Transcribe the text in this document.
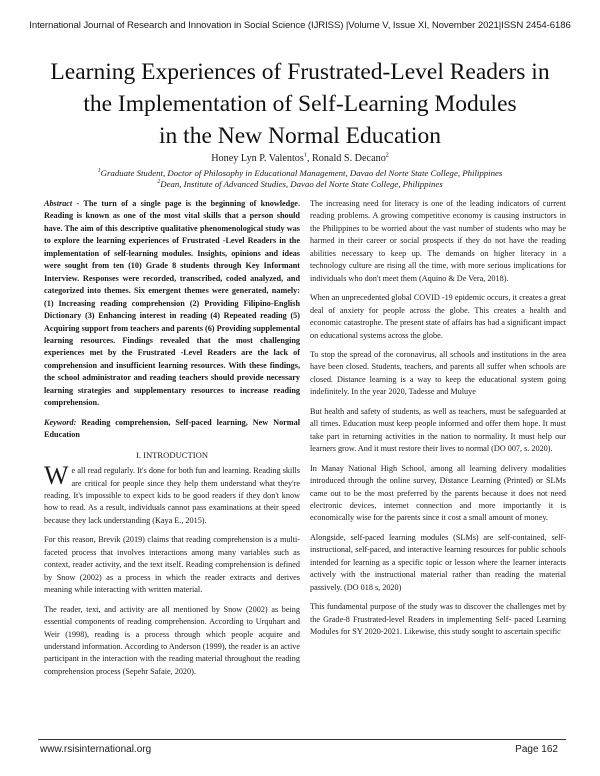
International Journal of Research and Innovation in Social Science (IJRISS) |Volume V, Issue XI, November 2021|ISSN 2454-6186
Learning Experiences of Frustrated-Level Readers in
the Implementation of Self-Learning Modules
in the New Normal Education
Honey Lyn P. Valentos$^1$, Ronald S. Decano$^2$
$^1$Graduate Student, Doctor of Philosophy in Educational Management, Davao del Norte State College, Philippines
$^2$Dean, Institute of Advanced Studies, Davao del Norte State College, Philippines

Abstract - The turn of a single page is the beginning of knowledge. Reading is known as one of the most vital skills that a person should have. The aim of this descriptive qualitative phenomenological study was to explore the learning experiences of Frustrated -Level Readers in the implementation of self-learning modules. Insights, opinions and ideas were sought from ten (10) Grade 8 students through Key Informant Interview. Responses were recorded, transcribed, coded analyzed, and categorized into themes. Six emergent themes were generated, namely: (1) Increasing reading comprehension (2) Providing Filipino-English Dictionary (3) Enhancing interest in reading (4) Repeated reading (5) Acquiring support from teachers and parents (6) Providing supplemental learning resources. Findings revealed that the most challenging experiences met by the Frustrated -Level Readers are the lack of comprehension and insufficient learning resources. With these findings, the school administrator and reading teachers should provide necessary learning strategies and supplementary resources to increase reading comprehension.

Keyword: Reading comprehension, Self-paced learning, New Normal Education

I. INTRODUCTION

We all read regularly. It's done for both fun and learning. Reading skills are critical for people since they help them understand what they're reading. It's impossible to expect kids to be good readers if they don't know how to read. As a result, individuals cannot pass examinations at their speed because they lack understanding (Kaya E., 2015).

For this reason, Brevik (2019) claims that reading comprehension is a multi-faceted process that involves interactions among many variables such as context, reader activity, and the text itself. Reading comprehension is defined by Snow (2002) as a process in which the reader extracts and derives meaning while interacting with written material.

The reader, text, and activity are all mentioned by Snow (2002) as being essential components of reading comprehension. According to Urquhart and Weir (1998), reading is a process through which people acquire and understand information. According to Anderson (1999), the reader is an active participant in the interaction with the reading material throughout the reading comprehension process (Sepehr Safaie, 2020).

The increasing need for literacy is one of the leading indicators of current reading problems. A growing competitive economy is causing instructors in the Philippines to be worried about the vast number of students who may be harmed in their career or social prospects if they do not have the reading abilities necessary to keep up. The demands on higher literacy in a technology culture are rising all the time, with more serious implications for individuals who don't meet them (Aquino & De Vera, 2018).

When an unprecedented global COVID -19 epidemic occurs, it creates a great deal of anxiety for people across the globe. This creates a health and economic catastrophe. The present state of affairs has had a significant impact on educational systems across the globe.

To stop the spread of the coronavirus, all schools and institutions in the area have been closed. Students, teachers, and parents all suffer when schools are closed. Distance learning is a way to keep the educational system going indefinitely. In the year 2020, Tadesse and Muluye

But health and safety of students, as well as teachers, must be safeguarded at all times. Education must keep people informed and offer them hope. It must take part in returning activities in the nation to normality. It must help our learners grow. And it must restore their lives to normal (DO 007, s. 2020).

In Manay National High School, among all learning delivery modalities introduced through the online survey, Distance Learning (Printed) or SLMs came out to be the most preferred by the parents because it does not need electronic devices, internet connection and more importantly it is economically wise for the parents since it cost a small amount of money.

Alongside, self-paced learning modules (SLMs) are self-contained, self- instructional, self-paced, and interactive learning resources for public schools intended for learning as a specific topic or lesson where the learner interacts actively with the instructional material rather than reading the material passively. (DO 018 s, 2020)

This fundamental purpose of the study was to discover the challenges met by the Grade-8 Frustrated-level Readers in implementing Self- paced Learning Modules for SY 2020-2021. Likewise, this study sought to ascertain specific

www.rsisinternational.org	Page 162
